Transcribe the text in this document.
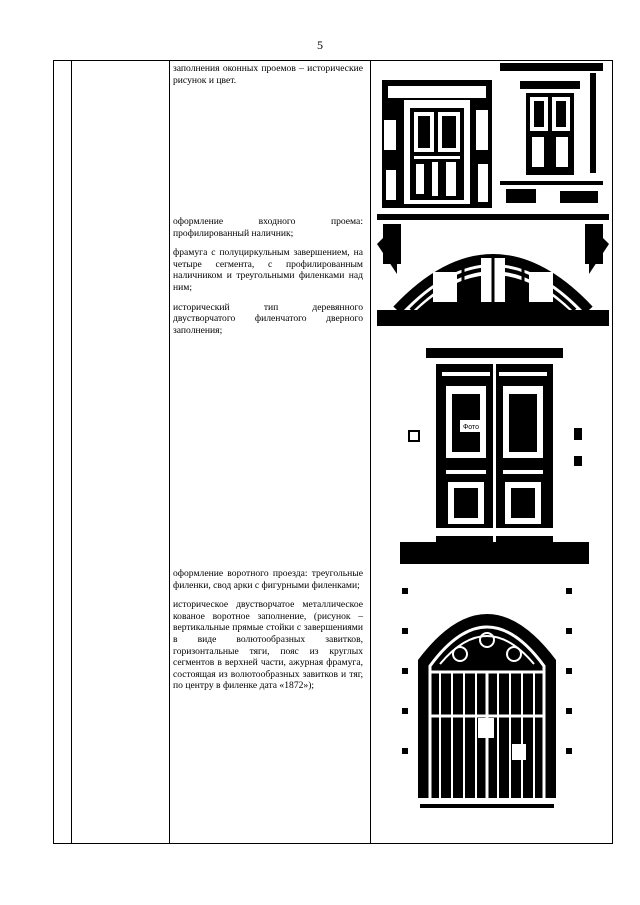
5

заполнения оконных проемов – исторические рисунок и цвет.

оформление входного проема: профилированный наличник;

фрамуга с полуциркульным завершением, на четыре сегмента, с профилированным наличником и треугольными филенками над ним;

исторический тип деревянного двустворчатого филенчатого дверного заполнения;

оформление воротного проезда: треугольные филенки, свод арки с фигурными филенками;

историческое двустворчатое металлическое кованое воротное заполнение, (рисунок – вертикальные прямые стойки с завершениями в виде волютообразных завитков, горизонтальные тяги, пояс из круглых сегментов в верхней части, ажурная фрамуга, состоящая из волютообразных завитков и тяг, по центру в филенке дата «1872»);

Фото
